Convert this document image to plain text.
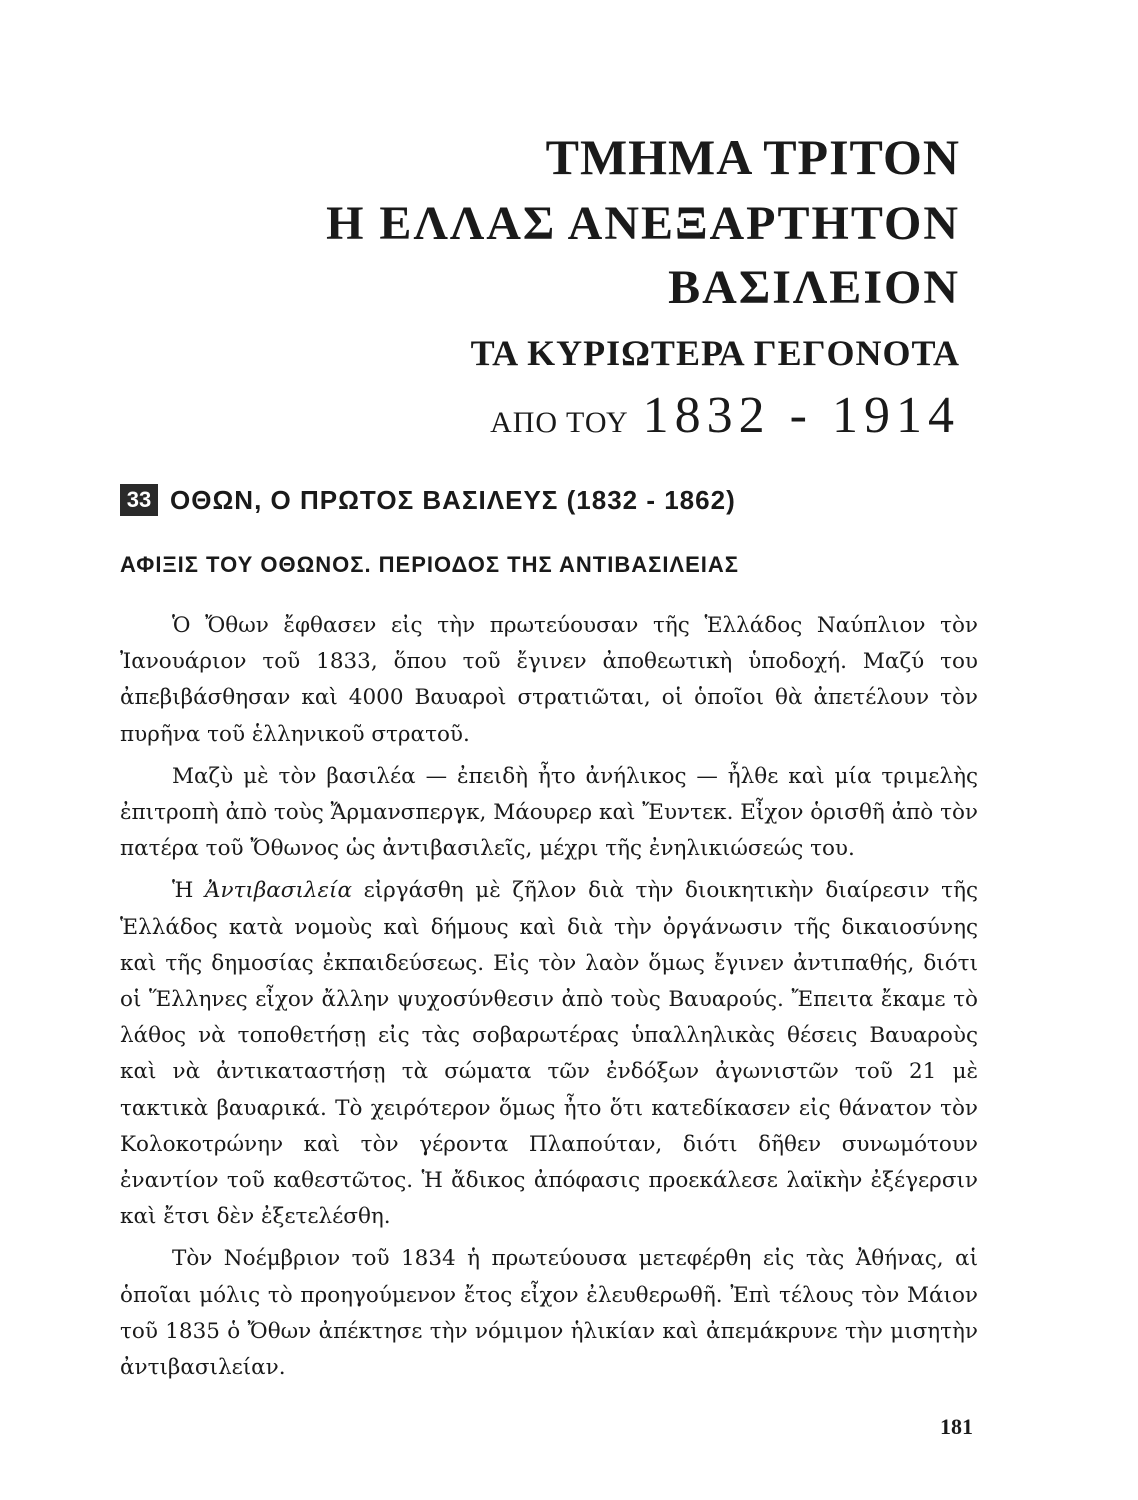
ΤΜΗΜΑ ΤΡΙΤΟΝ
Η ΕΛΛΑΣ ΑΝΕΞΑΡΤΗΤΟΝ
ΒΑΣΙΛΕΙΟΝ
ΤΑ ΚΥΡΙΩΤΕΡΑ ΓΕΓΟΝΟΤΑ
ΑΠΟ ΤΟΥ 1832 - 1914
33 ΟΘΩΝ, Ο ΠΡΩΤΟΣ ΒΑΣΙΛΕΥΣ (1832 - 1862)
ΑΦΙΞΙΣ ΤΟΥ ΟΘΩΝΟΣ. ΠΕΡΙΟΔΟΣ ΤΗΣ ΑΝΤΙΒΑΣΙΛΕΙΑΣ

Ὁ Ὄθων ἔφθασεν εἰς τὴν πρωτεύουσαν τῆς Ἑλλάδος Ναύπλιον τὸν Ἰανουάριον τοῦ 1833, ὅπου τοῦ ἔγινεν ἀποθεωτικὴ ὑποδοχή. Μαζύ του ἀπεβιβάσθησαν καὶ 4000 Βαυαροὶ στρατιῶται, οἱ ὁποῖοι θὰ ἀπετέλουν τὸν πυρῆνα τοῦ ἑλληνικοῦ στρατοῦ.

Μαζὺ μὲ τὸν βασιλέα — ἐπειδὴ ἦτο ἀνήλικος — ἦλθε καὶ μία τριμελὴς ἐπιτροπὴ ἀπὸ τοὺς Ἄρμανσπεργκ, Μάουρερ καὶ Ἔυντεκ. Εἶχον ὁρισθῆ ἀπὸ τὸν πατέρα τοῦ Ὄθωνος ὡς ἀντιβασιλεῖς, μέχρι τῆς ἐνηλικιώσεώς του.

Ἡ Ἀντιβασιλεία εἰργάσθη μὲ ζῆλον διὰ τὴν διοικητικὴν διαίρεσιν τῆς Ἑλλάδος κατὰ νομοὺς καὶ δήμους καὶ διὰ τὴν ὀργάνωσιν τῆς δικαιοσύνης καὶ τῆς δημοσίας ἐκπαιδεύσεως. Εἰς τὸν λαὸν ὅμως ἔγινεν ἀντιπαθής, διότι οἱ Ἕλληνες εἶχον ἄλλην ψυχοσύνθεσιν ἀπὸ τοὺς Βαυαρούς. Ἔπειτα ἔκαμε τὸ λάθος νὰ τοποθετήσῃ εἰς τὰς σοβαρωτέρας ὑπαλληλικὰς θέσεις Βαυαροὺς καὶ νὰ ἀντικαταστήσῃ τὰ σώματα τῶν ἐνδόξων ἀγωνιστῶν τοῦ 21 μὲ τακτικὰ βαυαρικά. Τὸ χειρότερον ὅμως ἦτο ὅτι κατεδίκασεν εἰς θάνατον τὸν Κολοκοτρώνην καὶ τὸν γέροντα Πλαπούταν, διότι δῆθεν συνωμότουν ἐναντίον τοῦ καθεστῶτος. Ἡ ἄδικος ἀπόφασις προεκάλεσε λαϊκὴν ἐξέγερσιν καὶ ἔτσι δὲν ἐξετελέσθη.

Τὸν Νοέμβριον τοῦ 1834 ἡ πρωτεύουσα μετεφέρθη εἰς τὰς Ἀθήνας, αἱ ὁποῖαι μόλις τὸ προηγούμενον ἔτος εἶχον ἐλευθερωθῆ. Ἐπὶ τέλους τὸν Μάιον τοῦ 1835 ὁ Ὄθων ἀπέκτησε τὴν νόμιμον ἡλικίαν καὶ ἀπεμάκρυνε τὴν μισητὴν ἀντιβασιλείαν.

181
